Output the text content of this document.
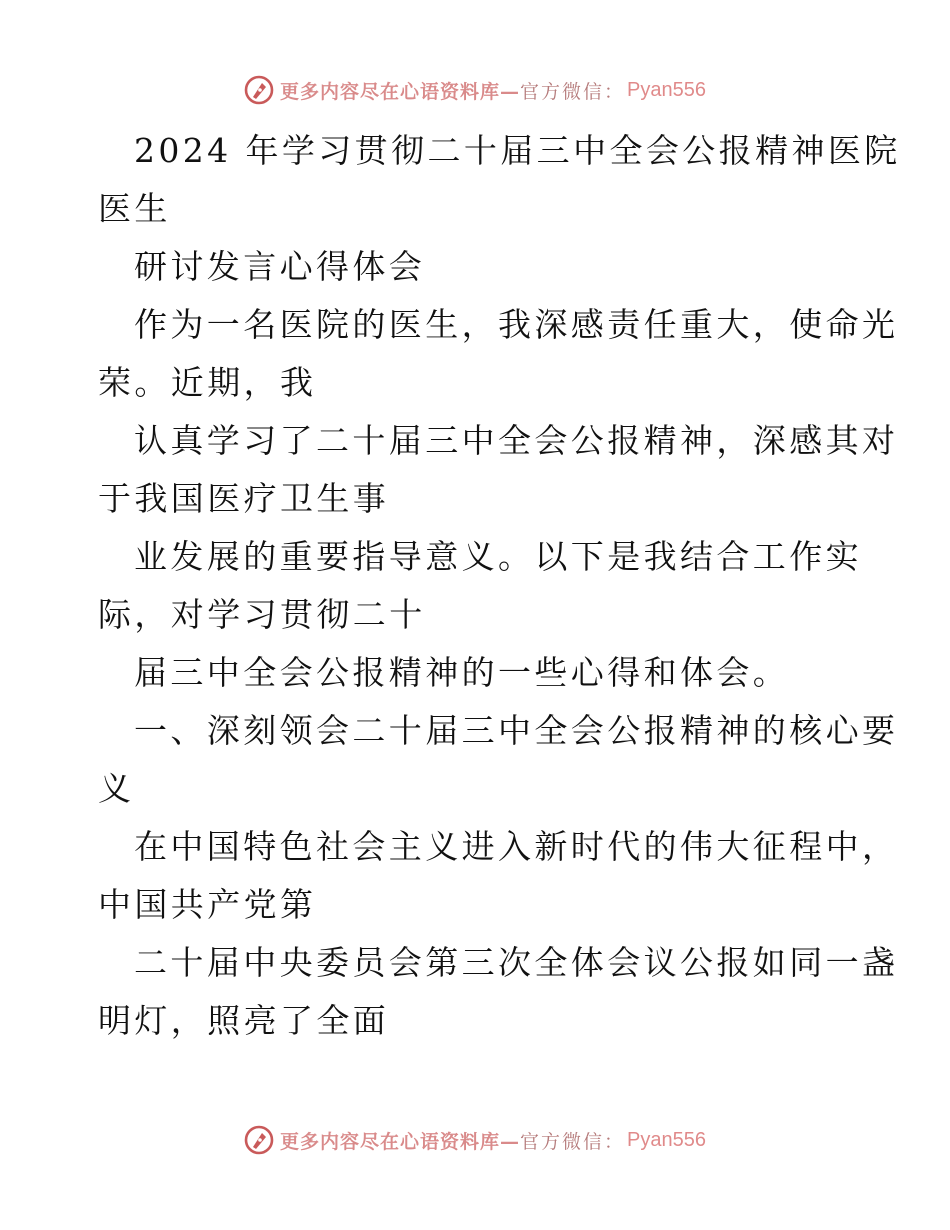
更多内容尽在心语资料库— 官方微信： Pyan556
2024 年学习贯彻二十届三中全会公报精神医院
医生
研讨发言心得体会
作为一名医院的医生，我深感责任重大，使命光
荣。近期，我
认真学习了二十届三中全会公报精神，深感其对
于我国医疗卫生事
业发展的重要指导意义。以下是我结合工作实
际，对学习贯彻二十
届三中全会公报精神的一些心得和体会。
一、深刻领会二十届三中全会公报精神的核心要
义
在中国特色社会主义进入新时代的伟大征程中，
中国共产党第
二十届中央委员会第三次全体会议公报如同一盏
明灯，照亮了全面
更多内容尽在心语资料库— 官方微信： Pyan556
